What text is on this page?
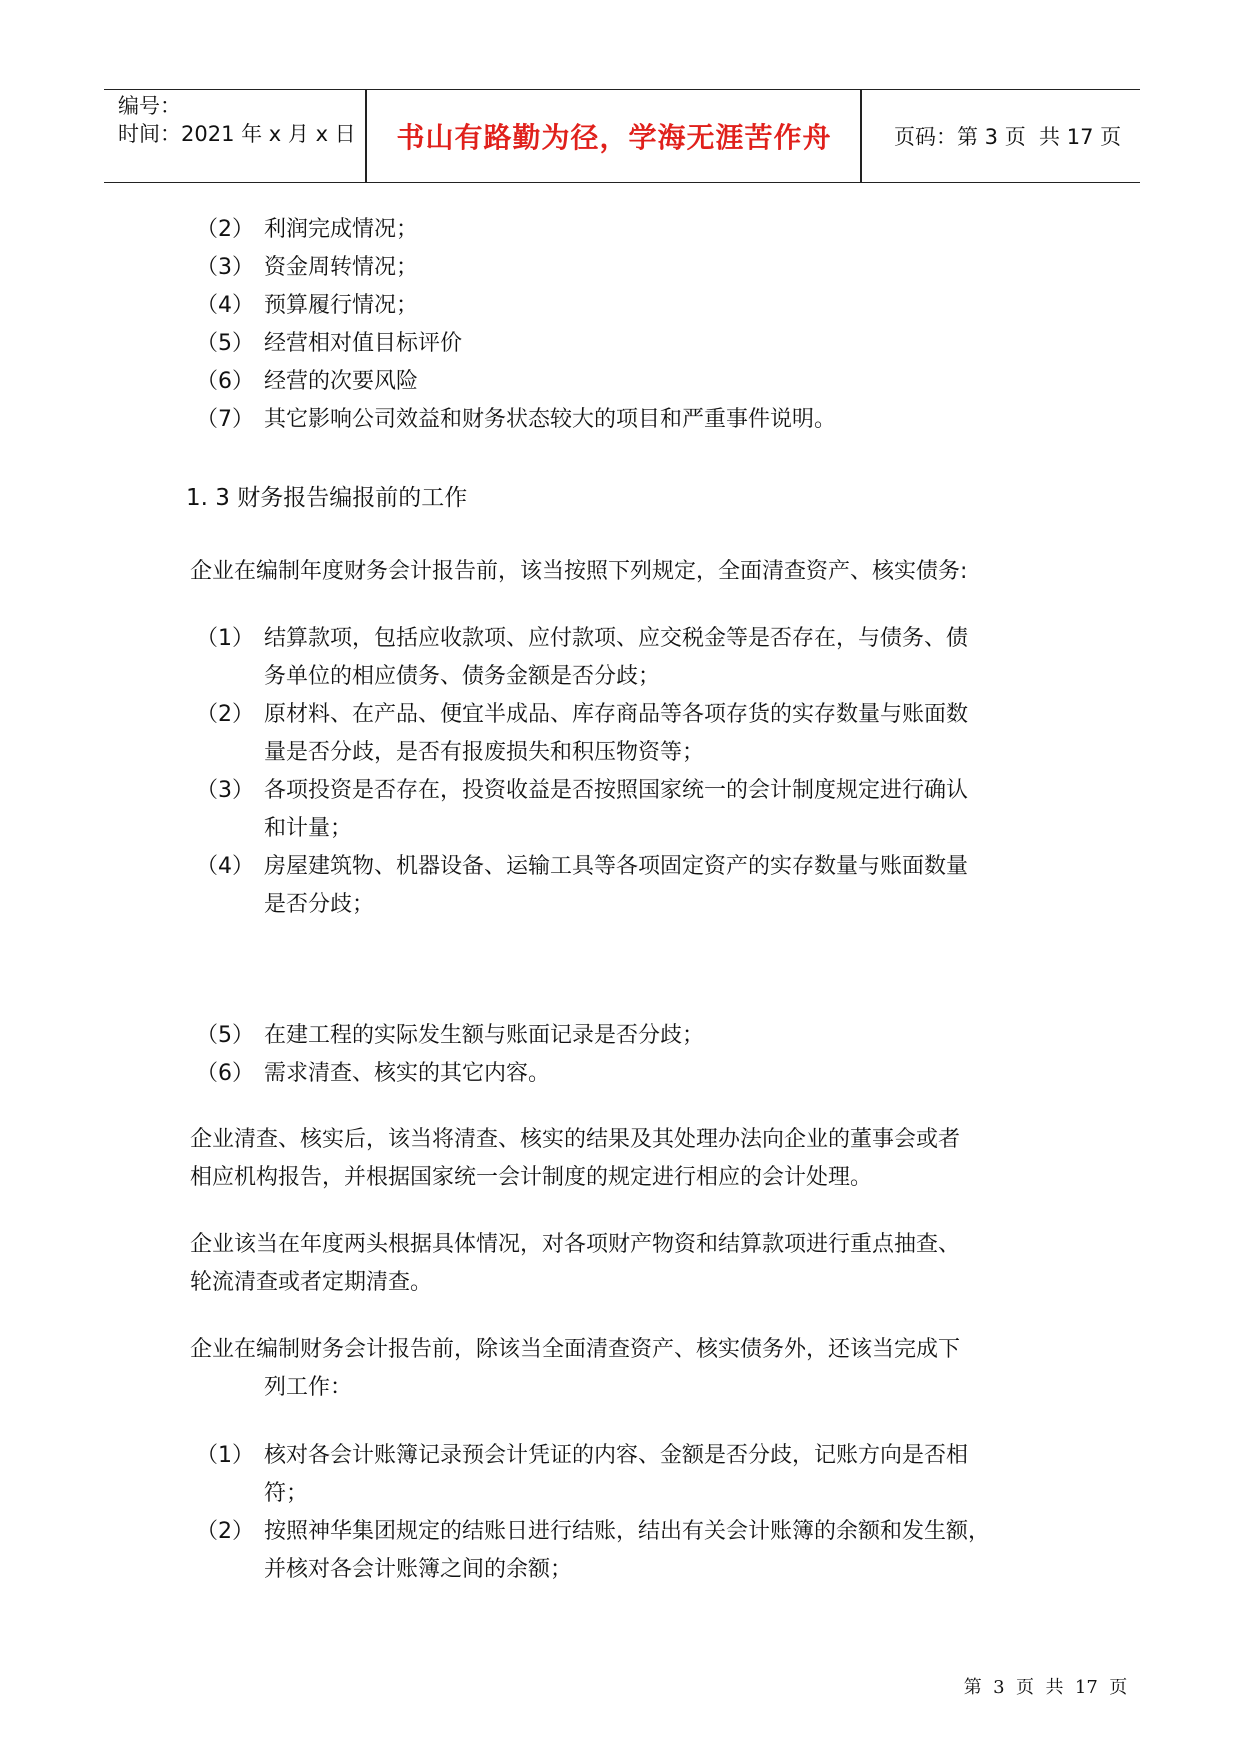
编号：
时间：2021 年 x 月 x 日	书山有路勤为径，学海无涯苦作舟	页码：第 3 页  共 17 页
（2） 利润完成情况；
（3） 资金周转情况；
（4） 预算履行情况；
（5） 经营相对值目标评价
（6） 经营的次要风险
（7） 其它影响公司效益和财务状态较大的项目和严重事件说明。
1. 3 财务报告编报前的工作
企业在编制年度财务会计报告前，该当按照下列规定，全面清查资产、核实债务:
（1） 结算款项，包括应收款项、应付款项、应交税金等是否存在，与债务、债
务单位的相应债务、债务金额是否分歧；
（2） 原材料、在产品、便宜半成品、库存商品等各项存货的实存数量与账面数
量是否分歧，是否有报废损失和积压物资等；
（3） 各项投资是否存在，投资收益是否按照国家统一的会计制度规定进行确认
和计量；
（4） 房屋建筑物、机器设备、运输工具等各项固定资产的实存数量与账面数量
是否分歧；
（5） 在建工程的实际发生额与账面记录是否分歧；
（6） 需求清查、核实的其它内容。
企业清查、核实后，该当将清查、核实的结果及其处理办法向企业的董事会或者
相应机构报告，并根据国家统一会计制度的规定进行相应的会计处理。
企业该当在年度两头根据具体情况，对各项财产物资和结算款项进行重点抽查、
轮流清查或者定期清查。
企业在编制财务会计报告前，除该当全面清查资产、核实债务外，还该当完成下
列工作：
（1） 核对各会计账簿记录预会计凭证的内容、金额是否分歧，记账方向是否相
符；
（2） 按照神华集团规定的结账日进行结账，结出有关会计账簿的余额和发生额，
并核对各会计账簿之间的余额；
第  3  页  共  17  页
